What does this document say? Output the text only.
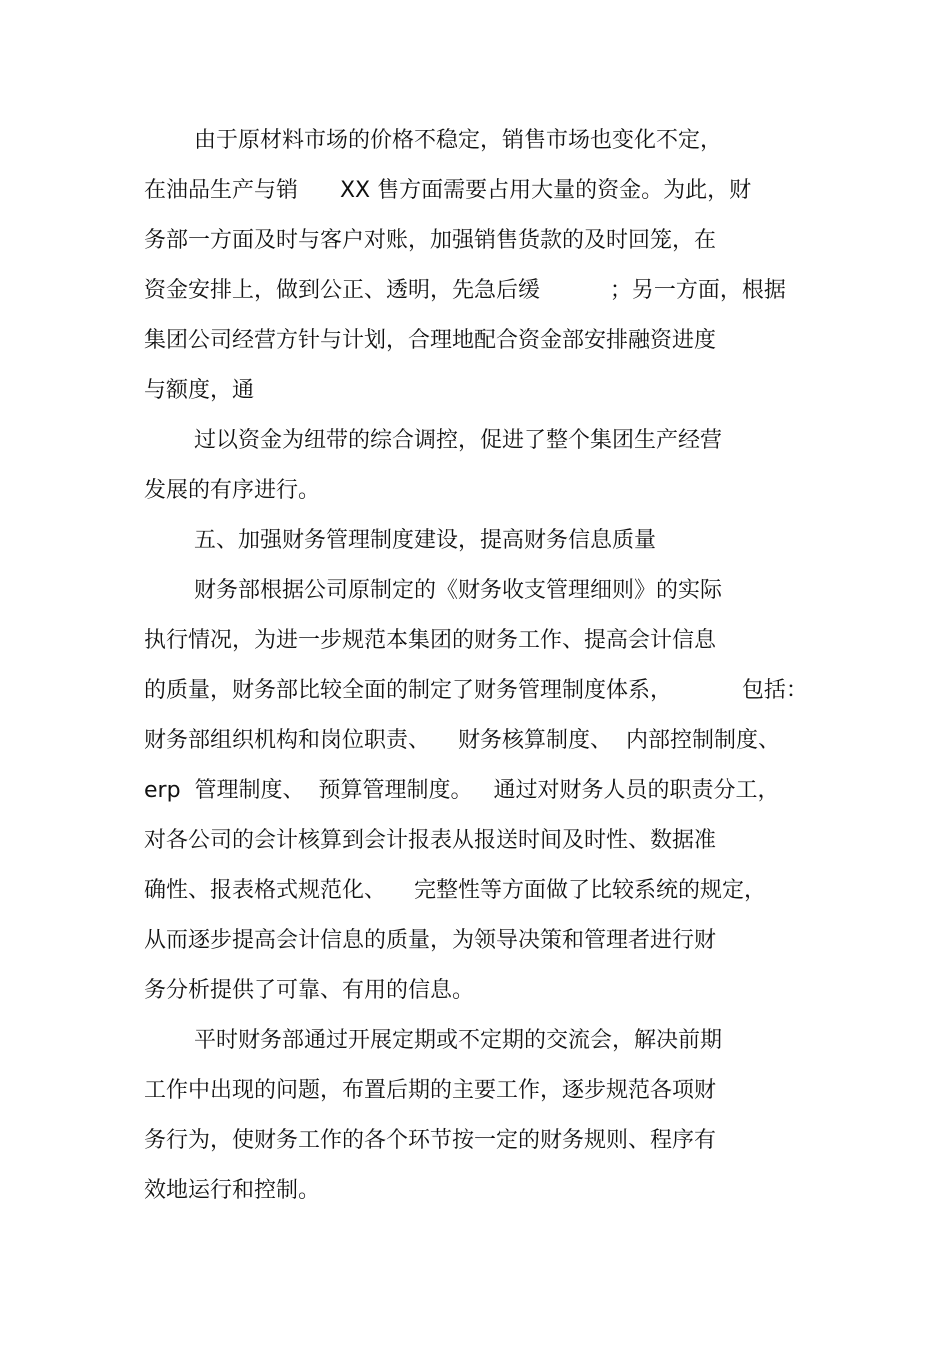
由于原材料市场的价格不稳定，销售市场也变化不定，
在油品生产与销      XX 售方面需要占用大量的资金。为此，财
务部一方面及时与客户对账，加强销售货款的及时回笼，在
资金安排上，做到公正、透明，先急后缓          ；另一方面，根据
集团公司经营方针与计划，合理地配合资金部安排融资进度
与额度，通
过以资金为纽带的综合调控，促进了整个集团生产经营
发展的有序进行。
五、加强财务管理制度建设，提高财务信息质量
财务部根据公司原制定的《财务收支管理细则》的实际
执行情况，为进一步规范本集团的财务工作、提高会计信息
的质量，财务部比较全面的制定了财务管理制度体系，          包括：
财务部组织机构和岗位职责、    财务核算制度、  内部控制制度、
erp  管理制度、  预算管理制度。   通过对财务人员的职责分工，
对各公司的会计核算到会计报表从报送时间及时性、数据准
确性、报表格式规范化、    完整性等方面做了比较系统的规定，
从而逐步提高会计信息的质量，为领导决策和管理者进行财
务分析提供了可靠、有用的信息。
平时财务部通过开展定期或不定期的交流会，解决前期
工作中出现的问题，布置后期的主要工作，逐步规范各项财
务行为，使财务工作的各个环节按一定的财务规则、程序有
效地运行和控制。
